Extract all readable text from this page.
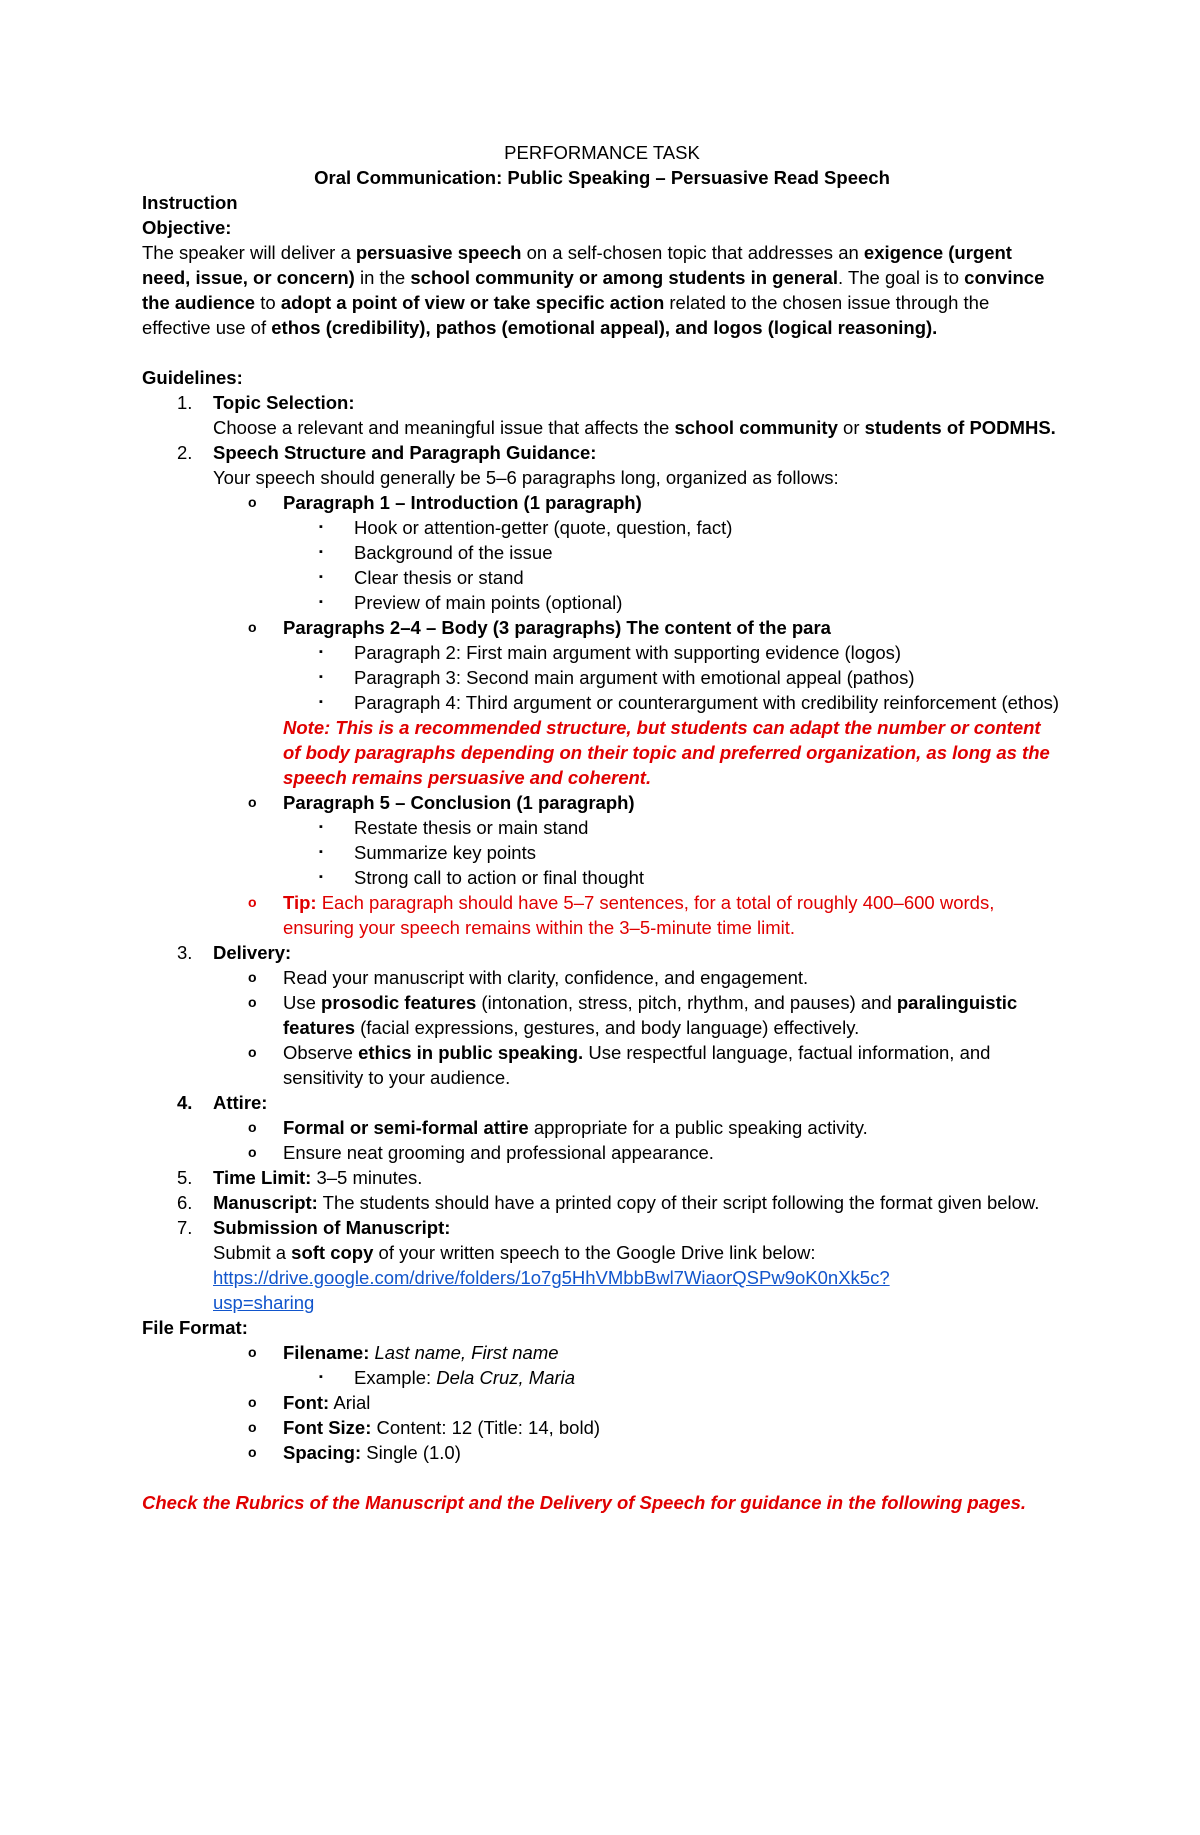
PERFORMANCE TASK
Oral Communication: Public Speaking – Persuasive Read Speech
Instruction
Objective:
The speaker will deliver a persuasive speech on a self-chosen topic that addresses an exigence (urgent need, issue, or concern) in the school community or among students in general. The goal is to convince the audience to adopt a point of view or take specific action related to the chosen issue through the effective use of ethos (credibility), pathos (emotional appeal), and logos (logical reasoning).
Guidelines:
1. Topic Selection:
Choose a relevant and meaningful issue that affects the school community or students of PODMHS.
2. Speech Structure and Paragraph Guidance:
Your speech should generally be 5–6 paragraphs long, organized as follows:
o Paragraph 1 – Introduction (1 paragraph)
▪ Hook or attention-getter (quote, question, fact)
▪ Background of the issue
▪ Clear thesis or stand
▪ Preview of main points (optional)
o Paragraphs 2–4 – Body (3 paragraphs) The content of the para
▪ Paragraph 2: First main argument with supporting evidence (logos)
▪ Paragraph 3: Second main argument with emotional appeal (pathos)
▪ Paragraph 4: Third argument or counterargument with credibility reinforcement (ethos)
Note: This is a recommended structure, but students can adapt the number or content of body paragraphs depending on their topic and preferred organization, as long as the speech remains persuasive and coherent.
o Paragraph 5 – Conclusion (1 paragraph)
▪ Restate thesis or main stand
▪ Summarize key points
▪ Strong call to action or final thought
o Tip: Each paragraph should have 5–7 sentences, for a total of roughly 400–600 words, ensuring your speech remains within the 3–5-minute time limit.
3. Delivery:
o Read your manuscript with clarity, confidence, and engagement.
o Use prosodic features (intonation, stress, pitch, rhythm, and pauses) and paralinguistic features (facial expressions, gestures, and body language) effectively.
o Observe ethics in public speaking. Use respectful language, factual information, and sensitivity to your audience.
4. Attire:
o Formal or semi-formal attire appropriate for a public speaking activity.
o Ensure neat grooming and professional appearance.
5. Time Limit: 3–5 minutes.
6. Manuscript: The students should have a printed copy of their script following the format given below.
7. Submission of Manuscript:
Submit a soft copy of your written speech to the Google Drive link below:
https://drive.google.com/drive/folders/1o7g5HhVMbbBwl7WiaorQSPw9oK0nXk5c?
usp=sharing
File Format:
o Filename: Last name, First name
▪ Example: Dela Cruz, Maria
o Font: Arial
o Font Size: Content: 12 (Title: 14, bold)
o Spacing: Single (1.0)
Check the Rubrics of the Manuscript and the Delivery of Speech for guidance in the following pages.
